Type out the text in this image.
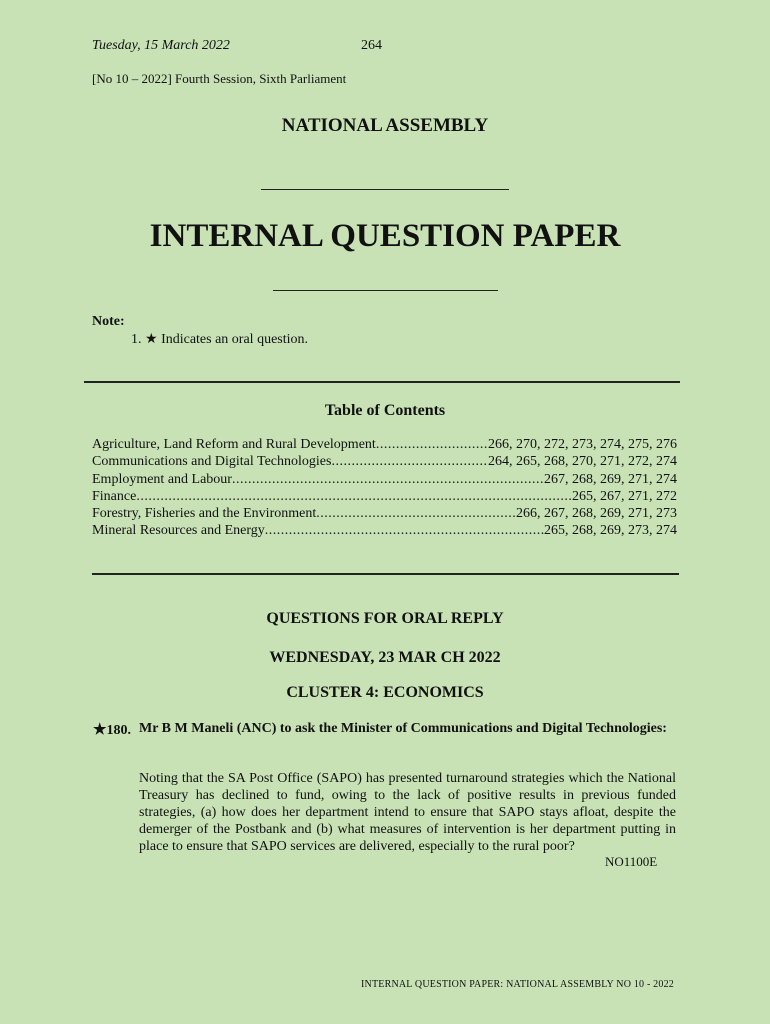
Tuesday, 15 March 2022	264
[No 10 – 2022] Fourth Session, Sixth Parliament
NATIONAL ASSEMBLY
INTERNAL QUESTION PAPER
Note:
1. ★ Indicates an oral question.
Table of Contents
Agriculture, Land Reform and Rural Development .....	266, 270, 272, 273, 274, 275, 276
Communications and Digital Technologies .....	264, 265, 268, 270, 271, 272, 274
Employment and Labour .....	267, 268, 269, 271, 274
Finance .....	265, 267, 271, 272
Forestry, Fisheries and the Environment .....	266, 267, 268, 269, 271, 273
Mineral Resources and Energy .....	265, 268, 269, 273, 274
QUESTIONS FOR ORAL REPLY
WEDNESDAY, 23 MAR CH 2022
CLUSTER 4: ECONOMICS
★180. Mr B M Maneli (ANC) to ask the Minister of Communications and Digital Technologies:
Noting that the SA Post Office (SAPO) has presented turnaround strategies which the National Treasury has declined to fund, owing to the lack of positive results in previous funded strategies, (a) how does her department intend to ensure that SAPO stays afloat, despite the demerger of the Postbank and (b) what measures of intervention is her department putting in place to ensure that SAPO services are delivered, especially to the rural poor?
NO1100E
INTERNAL QUESTION PAPER: NATIONAL ASSEMBLY NO 10 - 2022
